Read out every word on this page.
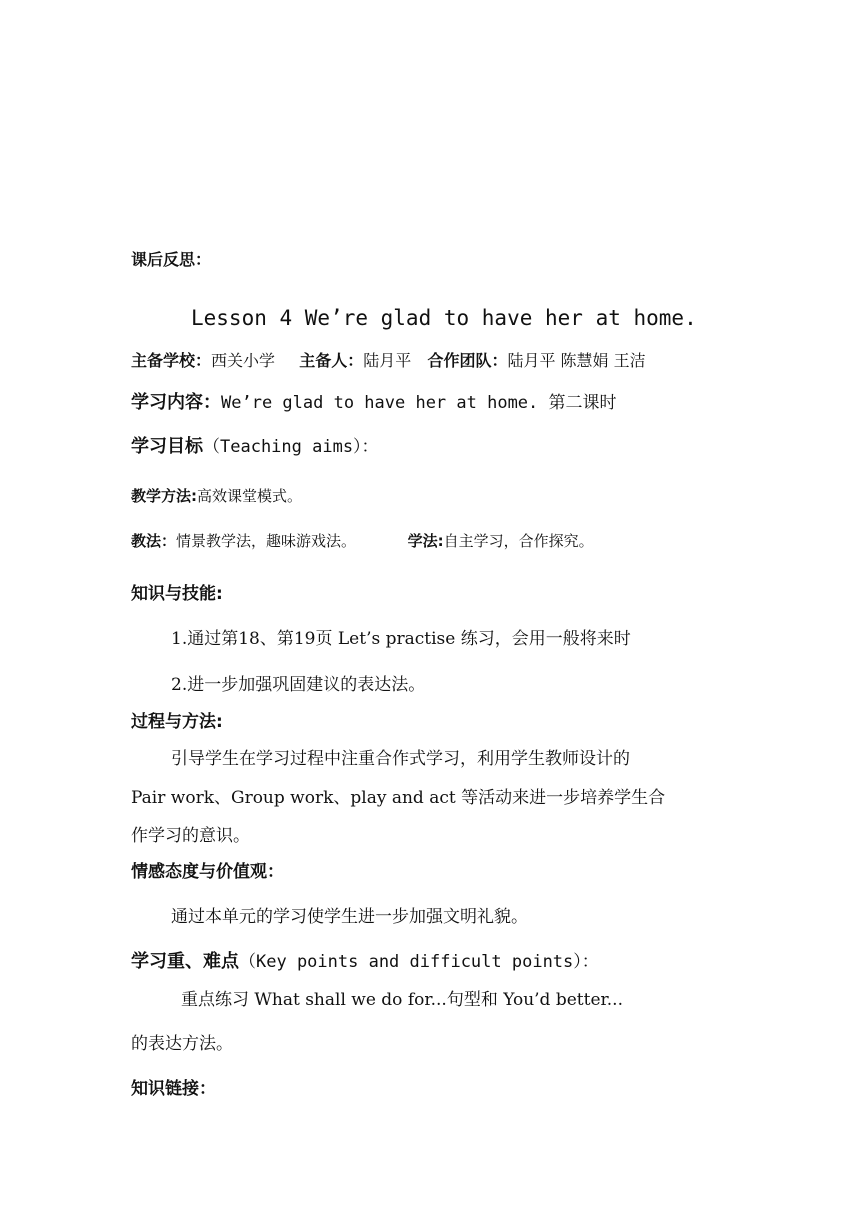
课后反思：
Lesson 4 We’re glad to have her at home.
主备学校：西关小学 主备人：陆月平 合作团队：陆月平 陈慧娟 王洁
学习内容：We’re glad to have her at home. 第二课时
学习目标（Teaching aims）：
教学方法:高效课堂模式。
教法：情景教学法，趣味游戏法。	学法:自主学习，合作探究。
知识与技能:
1.通过第18、第19页 Let’s practise 练习，会用一般将来时
2.进一步加强巩固建议的表达法。
过程与方法:
引导学生在学习过程中注重合作式学习，利用学生教师设计的
Pair work、Group work、play and act 等活动来进一步培养学生合
作学习的意识。
情感态度与价值观：
通过本单元的学习使学生进一步加强文明礼貌。
学习重、难点（Key points and difficult points）：
重点练习 What shall we do for...句型和 You’d better...
的表达方法。
知识链接：
